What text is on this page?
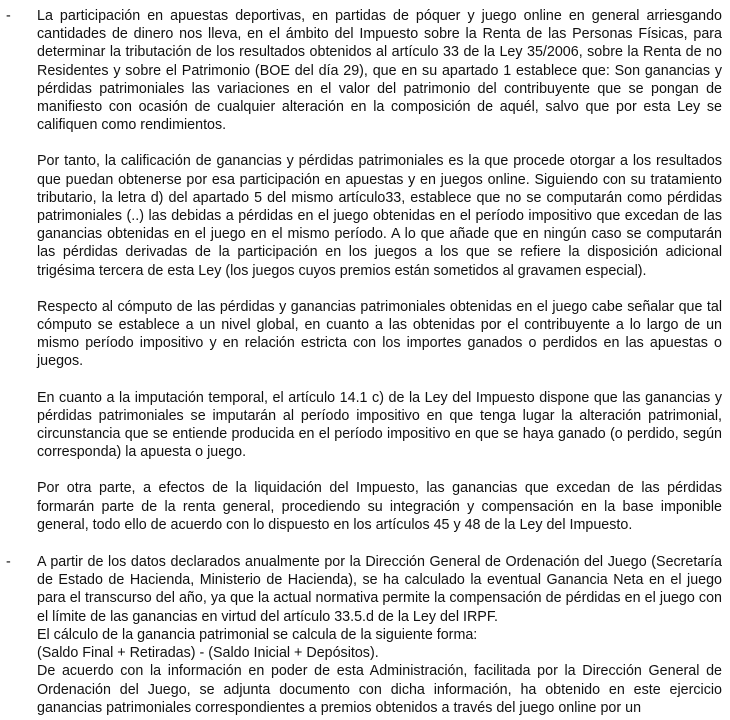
- La participación en apuestas deportivas, en partidas de póquer y juego online en general arriesgando cantidades de dinero nos lleva, en el ámbito del Impuesto sobre la Renta de las Personas Físicas, para determinar la tributación de los resultados obtenidos al artículo 33 de la Ley 35/2006, sobre la Renta de no Residentes y sobre el Patrimonio (BOE del día 29), que en su apartado 1 establece que: Son ganancias y pérdidas patrimoniales las variaciones en el valor del patrimonio del contribuyente que se pongan de manifiesto con ocasión de cualquier alteración en la composición de aquél, salvo que por esta Ley se califiquen como rendimientos.

Por tanto, la calificación de ganancias y pérdidas patrimoniales es la que procede otorgar a los resultados que puedan obtenerse por esa participación en apuestas y en juegos online. Siguiendo con su tratamiento tributario, la letra d) del apartado 5 del mismo artículo33, establece que no se computarán como pérdidas patrimoniales (..) las debidas a pérdidas en el juego obtenidas en el período impositivo que excedan de las ganancias obtenidas en el juego en el mismo período. A lo que añade que en ningún caso se computarán las pérdidas derivadas de la participación en los juegos a los que se refiere la disposición adicional trigésima tercera de esta Ley (los juegos cuyos premios están sometidos al gravamen especial).

Respecto al cómputo de las pérdidas y ganancias patrimoniales obtenidas en el juego cabe señalar que tal cómputo se establece a un nivel global, en cuanto a las obtenidas por el contribuyente a lo largo de un mismo período impositivo y en relación estricta con los importes ganados o perdidos en las apuestas o juegos.

En cuanto a la imputación temporal, el artículo 14.1 c) de la Ley del Impuesto dispone que las ganancias y pérdidas patrimoniales se imputarán al período impositivo en que tenga lugar la alteración patrimonial, circunstancia que se entiende producida en el período impositivo en que se haya ganado (o perdido, según corresponda) la apuesta o juego.

Por otra parte, a efectos de la liquidación del Impuesto, las ganancias que excedan de las pérdidas formarán parte de la renta general, procediendo su integración y compensación en la base imponible general, todo ello de acuerdo con lo dispuesto en los artículos 45 y 48 de la Ley del Impuesto.

- A partir de los datos declarados anualmente por la Dirección General de Ordenación del Juego (Secretaría de Estado de Hacienda, Ministerio de Hacienda), se ha calculado la eventual Ganancia Neta en el juego para el transcurso del año, ya que la actual normativa permite la compensación de pérdidas en el juego con el límite de las ganancias en virtud del artículo 33.5.d de la Ley del IRPF.
El cálculo de la ganancia patrimonial se calcula de la siguiente forma:
(Saldo Final + Retiradas) - (Saldo Inicial + Depósitos).
De acuerdo con la información en poder de esta Administración, facilitada por la Dirección General de Ordenación del Juego, se adjunta documento con dicha información, ha obtenido en este ejercicio ganancias patrimoniales correspondientes a premios obtenidos a través del juego online por un
